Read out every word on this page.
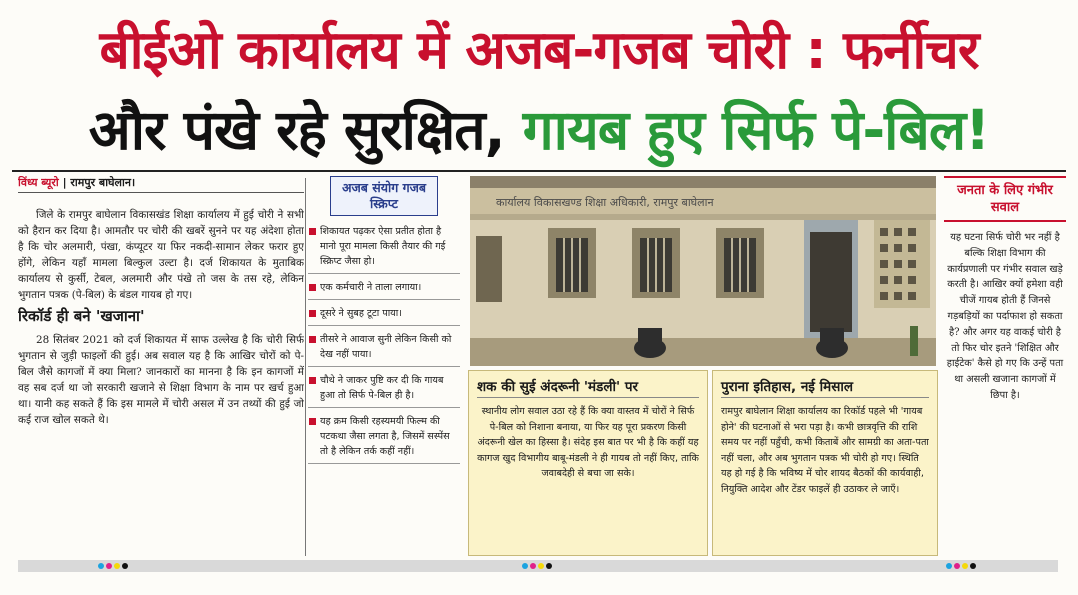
बीईओ कार्यालय में अजब-गजब चोरी : फर्नीचर
और पंखे रहे सुरक्षित, गायब हुए सिर्फ पे-बिल!
विंध्य ब्यूरो | रामपुर बाघेलान।

जिले के रामपुर बाघेलान विकासखंड शिक्षा कार्यालय में हुई चोरी ने सभी को हैरान कर दिया है। आमतौर पर चोरी की खबरें सुनने पर यह अंदेशा होता है कि चोर अलमारी, पंखा, कंप्यूटर या फिर नकदी-सामान लेकर फरार हुए होंगे, लेकिन यहाँ मामला बिल्कुल उल्टा है। दर्ज शिकायत के मुताबिक कार्यालय से कुर्सी, टेबल, अलमारी और पंखे तो जस के तस रहे, लेकिन भुगतान पत्रक (पे-बिल) के बंडल गायब हो गए।

रिकॉर्ड ही बने 'खजाना'

28 सितंबर 2021 को दर्ज शिकायत में साफ उल्लेख है कि चोरी सिर्फ भुगतान से जुड़ी फाइलों की हुई। अब सवाल यह है कि आखिर चोरों को पे-बिल जैसे कागजों में क्या मिला? जानकारों का मानना है कि इन कागजों में वह सब दर्ज था जो सरकारी खजाने से शिक्षा विभाग के नाम पर खर्च हुआ था। यानी कह सकते हैं कि इस मामले में चोरी असल में उन तथ्यों की हुई जो कई राज खोल सकते थे।

अजब संयोग गजब स्क्रिप्ट
शिकायत पढ़कर ऐसा प्रतीत होता है मानो पूरा मामला किसी तैयार की गई स्क्रिप्ट जैसा हो।
एक कर्मचारी ने ताला लगाया।
दूसरे ने सुबह टूटा पाया।
तीसरे ने आवाज सुनी लेकिन किसी को देख नहीं पाया।
चौथे ने जाकर पुष्टि कर दी कि गायब हुआ तो सिर्फ पे-बिल ही है।
यह क्रम किसी रहस्यमयी फिल्म की पटकथा जैसा लगता है, जिसमें सस्पेंस तो है लेकिन तर्क कहीं नहीं।
कार्यालय विकासखण्ड शिक्षा अधिकारी, रामपुर बाघेलान
शक की सुई अंदरूनी 'मंडली' पर
स्थानीय लोग सवाल उठा रहे हैं कि क्या वास्तव में चोरों ने सिर्फ पे-बिल को निशाना बनाया, या फिर यह पूरा प्रकरण किसी अंदरूनी खेल का हिस्सा है। संदेह इस बात पर भी है कि कहीं यह कागज खुद विभागीय बाबू-मंडली ने ही गायब तो नहीं किए, ताकि जवाबदेही से बचा जा सके।
पुराना इतिहास, नई मिसाल
रामपुर बाघेलान शिक्षा कार्यालय का रिकॉर्ड पहले भी 'गायब होने' की घटनाओं से भरा पड़ा है। कभी छात्रवृत्ति की राशि समय पर नहीं पहुँची, कभी किताबें और सामग्री का अता-पता नहीं चला, और अब भुगतान पत्रक भी चोरी हो गए। स्थिति यह हो गई है कि भविष्य में चोर शायद बैठकों की कार्यवाही, नियुक्ति आदेश और टेंडर फाइलें ही उठाकर ले जाएँ।
जनता के लिए गंभीर सवाल
यह घटना सिर्फ चोरी भर नहीं है बल्कि शिक्षा विभाग की कार्यप्रणाली पर गंभीर सवाल खड़े करती है। आखिर क्यों हमेशा वही चीजें गायब होती हैं जिनसे गड़बड़ियों का पर्दाफाश हो सकता है? और अगर यह वाकई चोरी है तो फिर चोर इतने 'शिक्षित और हाईटेक' कैसे हो गए कि उन्हें पता था असली खजाना कागजों में छिपा है।
